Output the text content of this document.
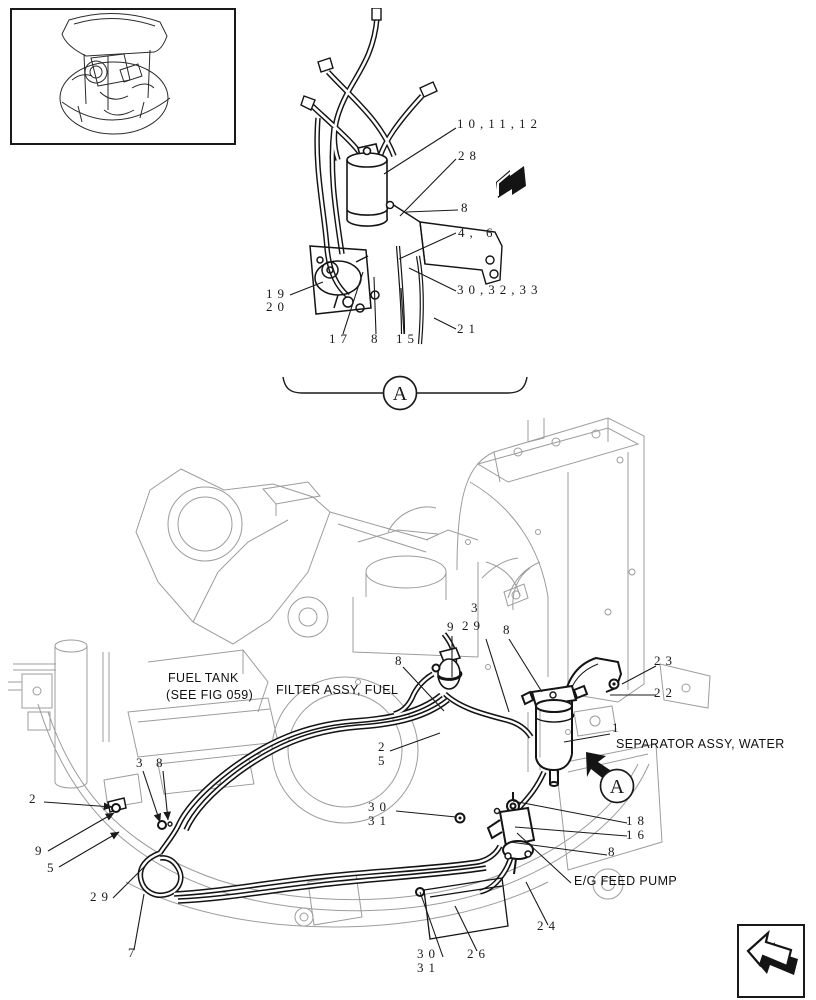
A
A
10,11,12
28
8
4, 6
30,32,33
19
20
17 8 15
21
8
9
3
29 8
23
22
1
2
5
30
31	18
16
8
24
26
30
31
7
29
2
9
5
3 8
FUEL TANK
(SEE FIG 059) FILTER ASSY, FUEL
SEPARATOR ASSY, WATER
E/G FEED PUMP
